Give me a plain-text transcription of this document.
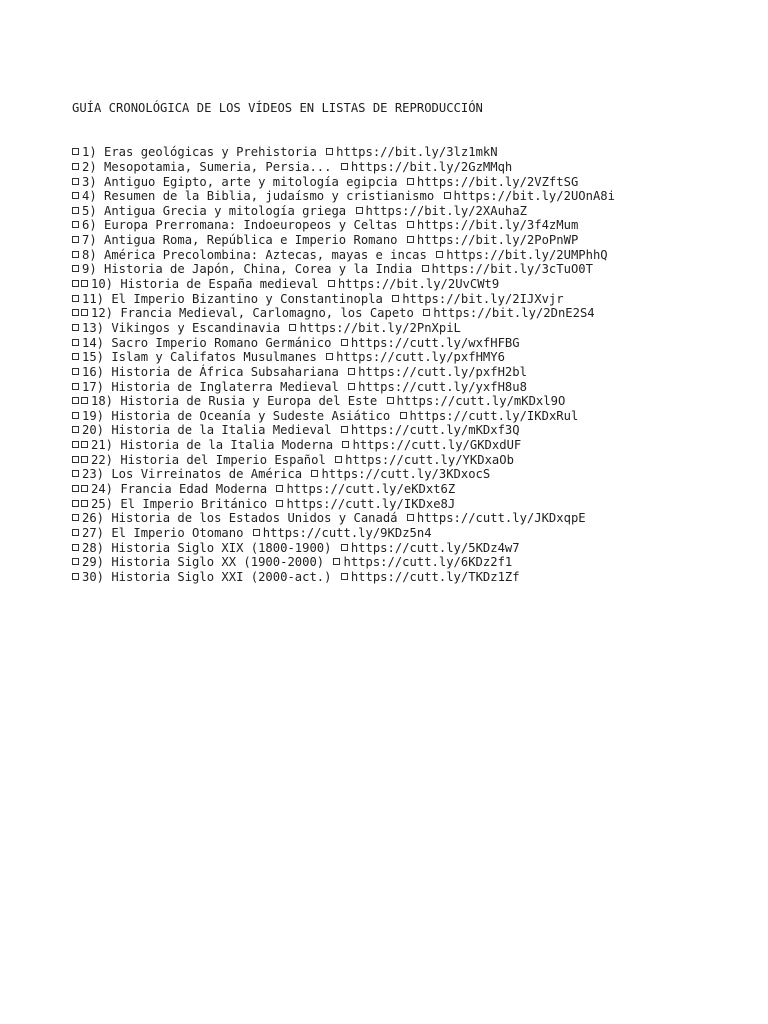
GUÍA CRONOLÓGICA DE LOS VÍDEOS EN LISTAS DE REPRODUCCIÓN

1) Eras geológicas y Prehistoria https://bit.ly/3lz1mkN
2) Mesopotamia, Sumeria, Persia... https://bit.ly/2GzMMqh
3) Antiguo Egipto, arte y mitología egipcia https://bit.ly/2VZftSG
4) Resumen de la Biblia, judaísmo y cristianismo https://bit.ly/2UOnA8i
5) Antigua Grecia y mitología griega https://bit.ly/2XAuhaZ
6) Europa Prerromana: Indoeuropeos y Celtas https://bit.ly/3f4zMum
7) Antigua Roma, República e Imperio Romano https://bit.ly/2PoPnWP
8) América Precolombina: Aztecas, mayas e incas https://bit.ly/2UMPhhQ
9) Historia de Japón, China, Corea y la India https://bit.ly/3cTuO0T
10) Historia de España medieval https://bit.ly/2UvCWt9
11) El Imperio Bizantino y Constantinopla https://bit.ly/2IJXvjr
12) Francia Medieval, Carlomagno, los Capeto https://bit.ly/2DnE2S4
13) Vikingos y Escandinavia https://bit.ly/2PnXpiL
14) Sacro Imperio Romano Germánico https://cutt.ly/wxfHFBG
15) Islam y Califatos Musulmanes https://cutt.ly/pxfHMY6
16) Historia de África Subsahariana https://cutt.ly/pxfH2bl
17) Historia de Inglaterra Medieval https://cutt.ly/yxfH8u8
18) Historia de Rusia y Europa del Este https://cutt.ly/mKDxl9O
19) Historia de Oceanía y Sudeste Asiático https://cutt.ly/IKDxRul
20) Historia de la Italia Medieval https://cutt.ly/mKDxf3Q
21) Historia de la Italia Moderna https://cutt.ly/GKDxdUF
22) Historia del Imperio Español https://cutt.ly/YKDxaOb
23) Los Virreinatos de América https://cutt.ly/3KDxocS
24) Francia Edad Moderna https://cutt.ly/eKDxt6Z
25) El Imperio Británico https://cutt.ly/IKDxe8J
26) Historia de los Estados Unidos y Canadá https://cutt.ly/JKDxqpE
27) El Imperio Otomano https://cutt.ly/9KDz5n4
28) Historia Siglo XIX (1800-1900) https://cutt.ly/5KDz4w7
29) Historia Siglo XX (1900-2000) https://cutt.ly/6KDz2f1
30) Historia Siglo XXI (2000-act.) https://cutt.ly/TKDz1Zf
